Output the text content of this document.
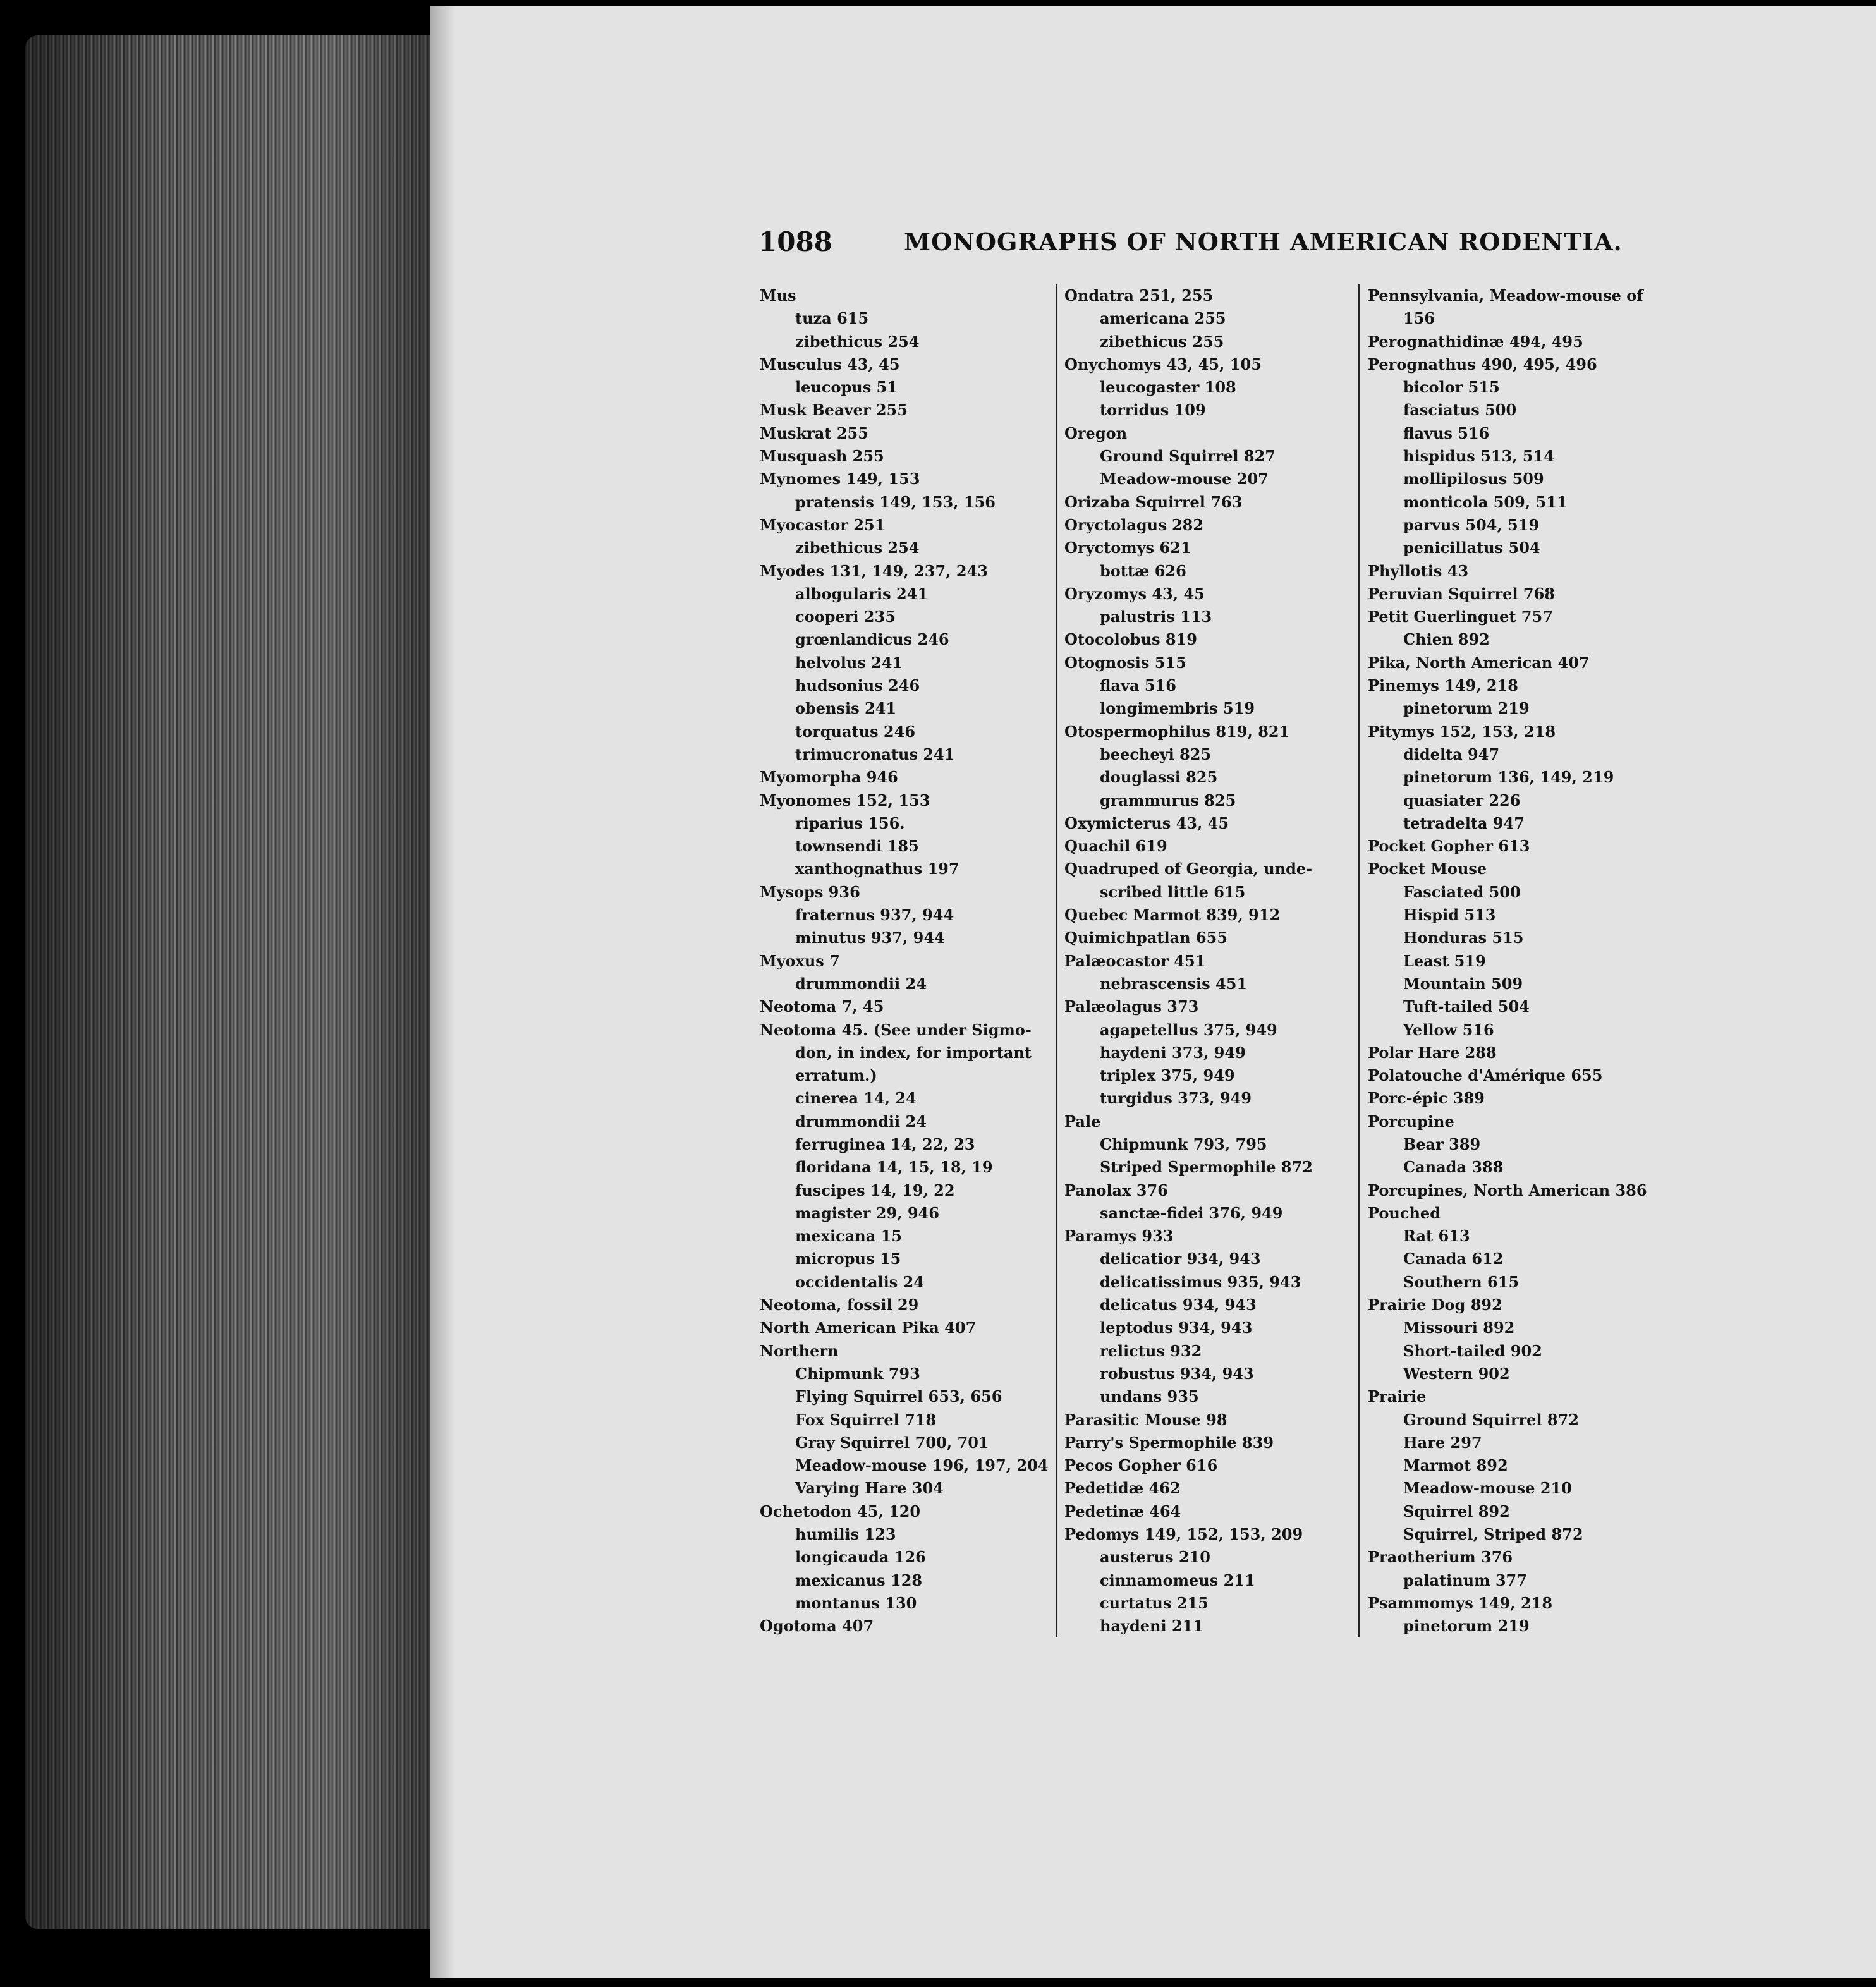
1088	MONOGRAPHS OF NORTH AMERICAN RODENTIA.
Mus
tuza 615
zibethicus 254
Musculus 43, 45
leucopus 51
Musk Beaver 255
Muskrat 255
Musquash 255
Mynomes 149, 153
pratensis 149, 153, 156
Myocastor 251
zibethicus 254
Myodes 131, 149, 237, 243
albogularis 241
cooperi 235
grœnlandicus 246
helvolus 241
hudsonius 246
obensis 241
torquatus 246
trimucronatus 241
Myomorpha 946
Myonomes 152, 153
riparius 156.
townsendi 185
xanthognathus 197
Mysops 936
fraternus 937, 944
minutus 937, 944
Myoxus 7
drummondii 24
Neotoma 7, 45
Neotoma 45. (See under Sigmo-
don, in index, for important
erratum.)
cinerea 14, 24
drummondii 24
ferruginea 14, 22, 23
floridana 14, 15, 18, 19
fuscipes 14, 19, 22
magister 29, 946
mexicana 15
micropus 15
occidentalis 24
Neotoma, fossil 29
North American Pika 407
Northern
Chipmunk 793
Flying Squirrel 653, 656
Fox Squirrel 718
Gray Squirrel 700, 701
Meadow-mouse 196, 197, 204
Varying Hare 304
Ochetodon 45, 120
humilis 123
longicauda 126
mexicanus 128
montanus 130
Ogotoma 407
Ondatra 251, 255
americana 255
zibethicus 255
Onychomys 43, 45, 105
leucogaster 108
torridus 109
Oregon
Ground Squirrel 827
Meadow-mouse 207
Orizaba Squirrel 763
Oryctolagus 282
Oryctomys 621
bottæ 626
Oryzomys 43, 45
palustris 113
Otocolobus 819
Otognosis 515
flava 516
longimembris 519
Otospermophilus 819, 821
beecheyi 825
douglassi 825
grammurus 825
Oxymicterus 43, 45
Quachil 619
Quadruped of Georgia, unde-
scribed little 615
Quebec Marmot 839, 912
Quimichpatlan 655
Palæocastor 451
nebrascensis 451
Palæolagus 373
agapetellus 375, 949
haydeni 373, 949
triplex 375, 949
turgidus 373, 949
Pale
Chipmunk 793, 795
Striped Spermophile 872
Panolax 376
sanctæ-fidei 376, 949
Paramys 933
delicatior 934, 943
delicatissimus 935, 943
delicatus 934, 943
leptodus 934, 943
relictus 932
robustus 934, 943
undans 935
Parasitic Mouse 98
Parry's Spermophile 839
Pecos Gopher 616
Pedetidæ 462
Pedetinæ 464
Pedomys 149, 152, 153, 209
austerus 210
cinnamomeus 211
curtatus 215
haydeni 211
Pennsylvania, Meadow-mouse of
156
Perognathidinæ 494, 495
Perognathus 490, 495, 496
bicolor 515
fasciatus 500
flavus 516
hispidus 513, 514
mollipilosus 509
monticola 509, 511
parvus 504, 519
penicillatus 504
Phyllotis 43
Peruvian Squirrel 768
Petit Guerlinguet 757
Chien 892
Pika, North American 407
Pinemys 149, 218
pinetorum 219
Pitymys 152, 153, 218
didelta 947
pinetorum 136, 149, 219
quasiater 226
tetradelta 947
Pocket Gopher 613
Pocket Mouse
Fasciated 500
Hispid 513
Honduras 515
Least 519
Mountain 509
Tuft-tailed 504
Yellow 516
Polar Hare 288
Polatouche d'Amérique 655
Porc-épic 389
Porcupine
Bear 389
Canada 388
Porcupines, North American 386
Pouched
Rat 613
Canada 612
Southern 615
Prairie Dog 892
Missouri 892
Short-tailed 902
Western 902
Prairie
Ground Squirrel 872
Hare 297
Marmot 892
Meadow-mouse 210
Squirrel 892
Squirrel, Striped 872
Praotherium 376
palatinum 377
Psammomys 149, 218
pinetorum 219
